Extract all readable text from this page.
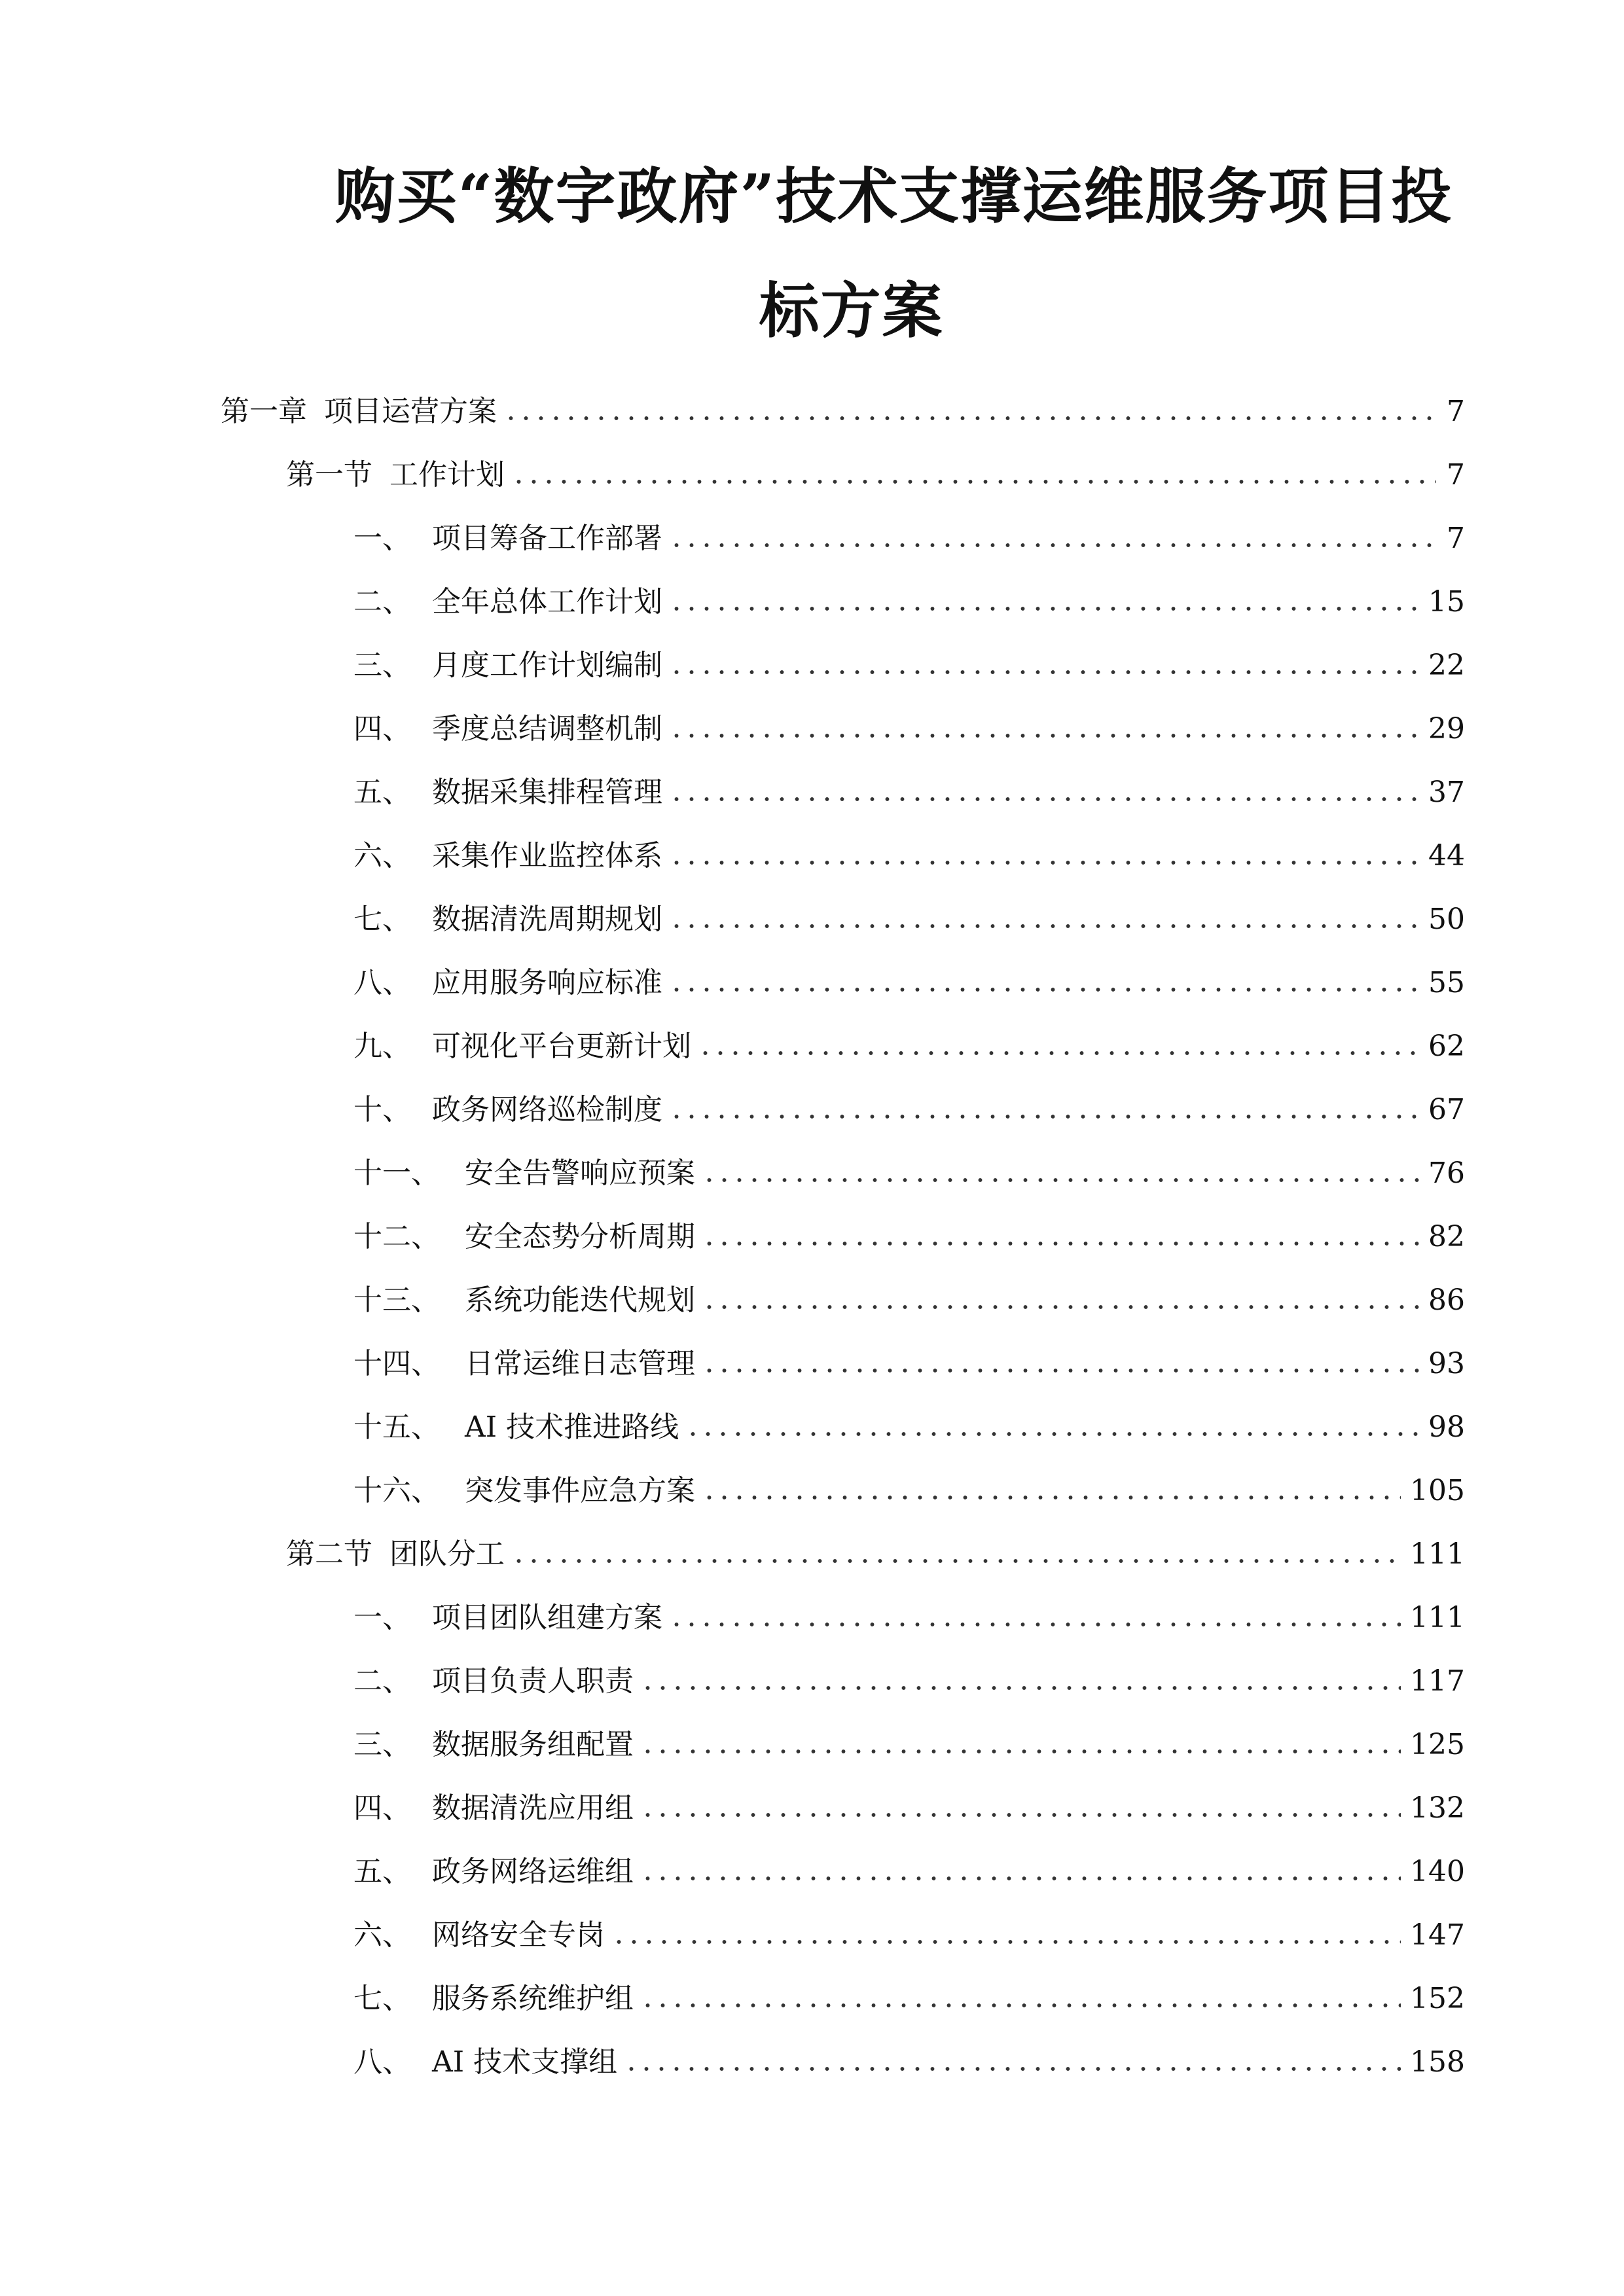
购买“数字政府”技术支撑运维服务项目投
标方案
第一章 项目运营方案	7
第一节 工作计划	7
一、 项目筹备工作部署	7
二、 全年总体工作计划	15
三、 月度工作计划编制	22
四、 季度总结调整机制	29
五、 数据采集排程管理	37
六、 采集作业监控体系	44
七、 数据清洗周期规划	50
八、 应用服务响应标准	55
九、 可视化平台更新计划	62
十、 政务网络巡检制度	67
十一、 安全告警响应预案	76
十二、 安全态势分析周期	82
十三、 系统功能迭代规划	86
十四、 日常运维日志管理	93
十五、 AI 技术推进路线	98
十六、 突发事件应急方案	105
第二节 团队分工	111
一、 项目团队组建方案	111
二、 项目负责人职责	117
三、 数据服务组配置	125
四、 数据清洗应用组	132
五、 政务网络运维组	140
六、 网络安全专岗	147
七、 服务系统维护组	152
八、 AI 技术支撑组	158
